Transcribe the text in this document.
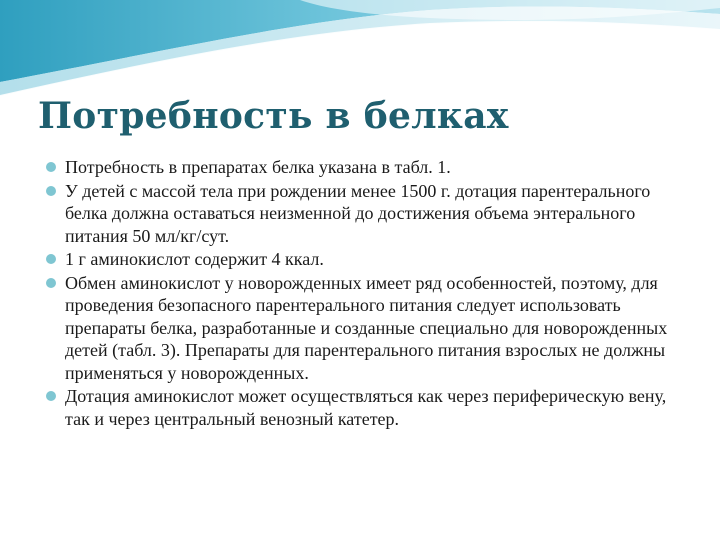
Потребность в белках
Потребность в препаратах белка указана в табл. 1.
У детей с массой тела при рождении менее 1500 г. дотация парентерального белка должна оставаться неизменной до достижения объема энтерального питания 50 мл/кг/сут.
1 г аминокислот содержит 4 ккал.
Обмен аминокислот у новорожденных имеет ряд особенностей, поэтому, для проведения безопасного парентерального питания следует использовать препараты белка, разработанные и созданные специально для новорожденных детей (табл. 3). Препараты для парентерального питания взрослых не должны применяться у новорожденных.
Дотация аминокислот может осуществляться как через периферическую вену, так и через центральный венозный катетер.
